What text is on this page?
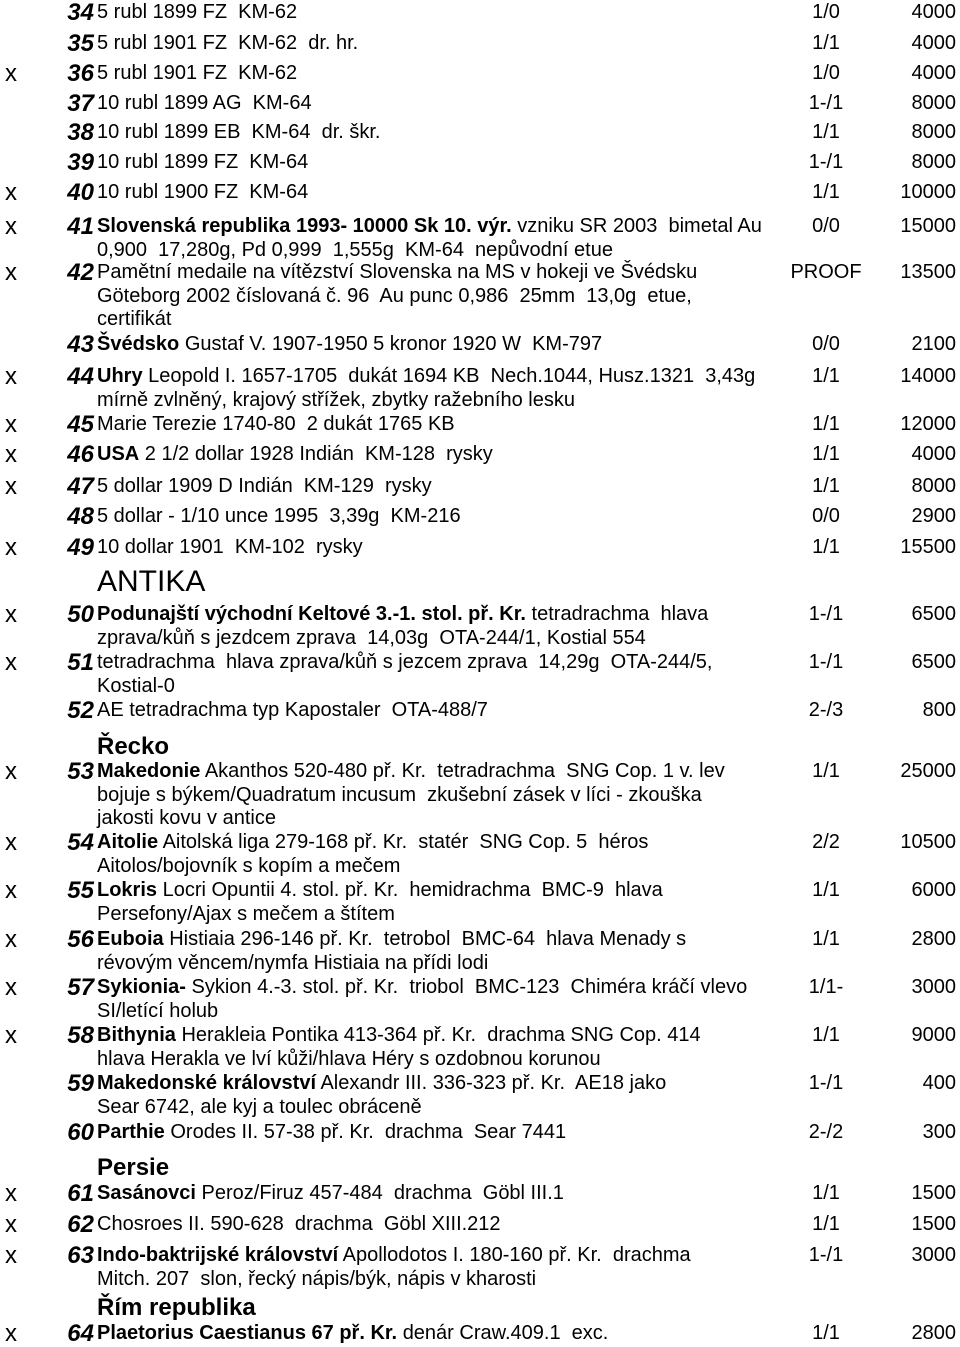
34 5 rubl 1899 FZ  KM-62	1/0	4000
35 5 rubl 1901 FZ  KM-62  dr. hr.	1/1	4000
x	36 5 rubl 1901 FZ  KM-62	1/0	4000
37 10 rubl 1899 AG  KM-64	1-/1	8000
38 10 rubl 1899 EB  KM-64  dr. škr.	1/1	8000
39 10 rubl 1899 FZ  KM-64	1-/1	8000
x	40 10 rubl 1900 FZ  KM-64	1/1	10000
x	41 Slovenská republika 1993- 10000 Sk 10. výr. vzniku SR 2003  bimetal Au
0,900  17,280g, Pd 0,999  1,555g  KM-64  nepůvodní etue
0/0	15000
x	42 Pamětní medaile na vítězství Slovenska na MS v hokeji ve Švédsku
Göteborg 2002 číslovaná č. 96  Au punc 0,986  25mm  13,0g  etue,
certifikát
PROOF	13500
43 Švédsko Gustaf V. 1907-1950 5 kronor 1920 W  KM-797	0/0	2100
x	44 Uhry Leopold I. 1657-1705  dukát 1694 KB  Nech.1044, Husz.1321  3,43g
mírně zvlněný, krajový střížek, zbytky ražebního lesku
1/1	14000
x	45 Marie Terezie 1740-80  2 dukát 1765 KB	1/1	12000
x	46 USA 2 1/2 dollar 1928 Indián  KM-128  rysky	1/1	4000
x	47 5 dollar 1909 D Indián  KM-129  rysky	1/1	8000
48 5 dollar - 1/10 unce 1995  3,39g  KM-216	0/0	2900
x	49 10 dollar 1901  KM-102  rysky	1/1	15500
ANTIKA
x	50 Podunajští východní Keltové 3.-1. stol. př. Kr. tetradrachma  hlava
zprava/kůň s jezdcem zprava  14,03g  OTA-244/1, Kostial 554
1-/1	6500
x	51 tetradrachma  hlava zprava/kůň s jezcem zprava  14,29g  OTA-244/5,
Kostial-0
1-/1	6500
52 AE tetradrachma typ Kapostaler  OTA-488/7	2-/3	800
Řecko
x	53 Makedonie Akanthos 520-480 př. Kr.  tetradrachma  SNG Cop. 1 v. lev
bojuje s býkem/Quadratum incusum  zkušební zásek v líci - zkouška
jakosti kovu v antice
1/1	25000
x	54 Aitolie Aitolská liga 279-168 př. Kr.  statér  SNG Cop. 5  héros
Aitolos/bojovník s kopím a mečem
2/2	10500
x	55 Lokris Locri Opuntii 4. stol. př. Kr.  hemidrachma  BMC-9  hlava
Persefony/Ajax s mečem a štítem
1/1	6000
x	56 Euboia Histiaia 296-146 př. Kr.  tetrobol  BMC-64  hlava Menady s
révovým věncem/nymfa Histiaia na přídi lodi
1/1	2800
x	57 Sykionia- Sykion 4.-3. stol. př. Kr.  triobol  BMC-123  Chiméra kráčí vlevo
SI/letící holub
1/1-	3000
x	58 Bithynia Herakleia Pontika 413-364 př. Kr.  drachma SNG Cop. 414
hlava Herakla ve lví kůži/hlava Héry s ozdobnou korunou
1/1	9000
59 Makedonské království Alexandr III. 336-323 př. Kr.  AE18 jako
Sear 6742, ale kyj a toulec obráceně
1-/1	400
60 Parthie Orodes II. 57-38 př. Kr.  drachma  Sear 7441	2-/2	300
Persie
x	61 Sasánovci Peroz/Firuz 457-484  drachma  Göbl III.1	1/1	1500
x	62 Chosroes II. 590-628  drachma  Göbl XIII.212	1/1	1500
x	63 Indo-baktrijské království Apollodotos I. 180-160 př. Kr.  drachma
Mitch. 207  slon, řecký nápis/býk, nápis v kharosti
1-/1	3000
Řím republika
x	64 Plaetorius Caestianus 67 př. Kr. denár Craw.409.1  exc.	1/1	2800
